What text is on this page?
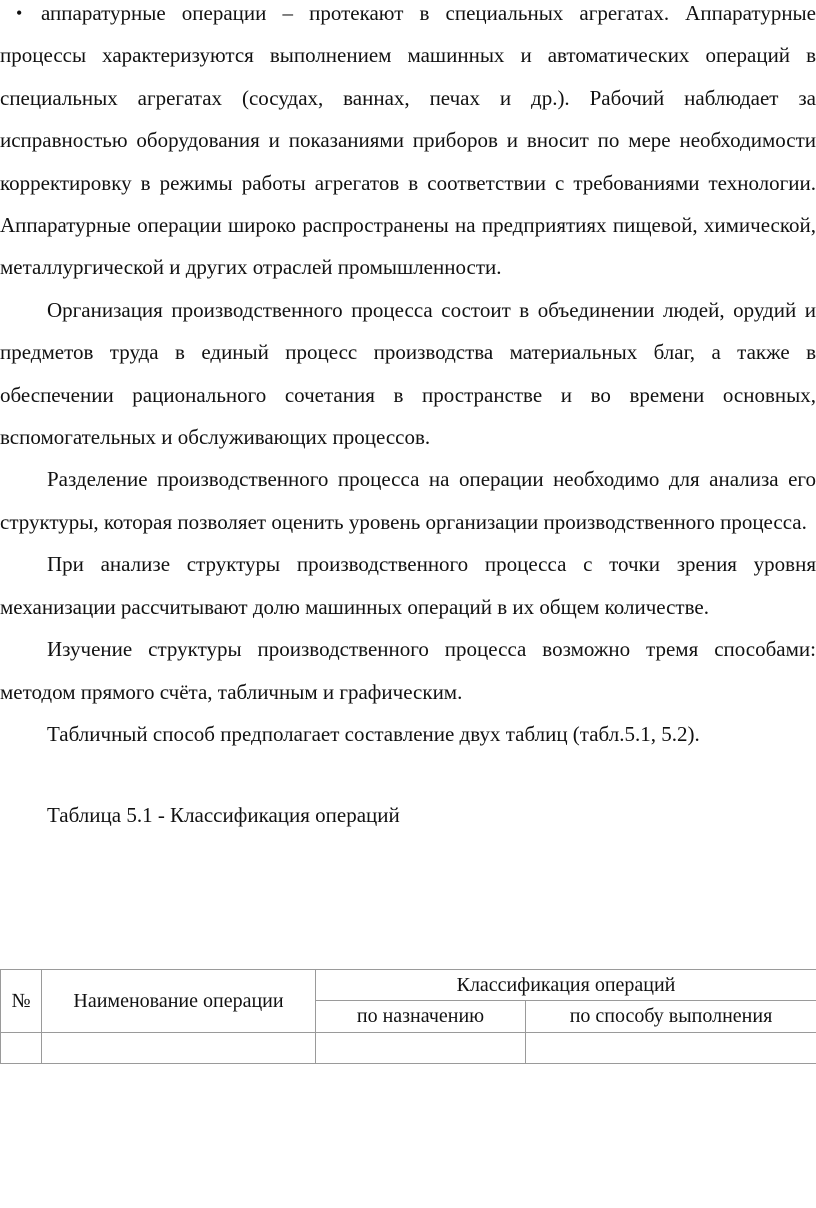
• аппаратурные операции – протекают в специальных агрегатах. Аппаратурные процессы характеризуются выполнением машинных и автоматических операций в специальных агрегатах (сосудах, ваннах, печах и др.). Рабочий наблюдает за исправностью оборудования и показаниями приборов и вносит по мере необходимости корректировку в режимы работы агрегатов в соответствии с требованиями технологии. Аппаратурные операции широко распространены на предприятиях пищевой, химической, металлургической и других отраслей промышленности.

Организация производственного процесса состоит в объединении людей, орудий и предметов труда в единый процесс производства материальных благ, а также в обеспечении рационального сочетания в пространстве и во времени основных, вспомогательных и обслуживающих процессов.

Разделение производственного процесса на операции необходимо для анализа его структуры, которая позволяет оценить уровень организации производственного процесса.

При анализе структуры производственного процесса с точки зрения уровня механизации рассчитывают долю машинных операций в их общем количестве.

Изучение структуры производственного процесса возможно тремя способами: методом прямого счёта, табличным и графическим.

Табличный способ предполагает составление двух таблиц (табл.5.1, 5.2).

Таблица 5.1 - Классификация операций

№	Наименование операции	Классификация операций	
		по назначению	по способу выполнения
